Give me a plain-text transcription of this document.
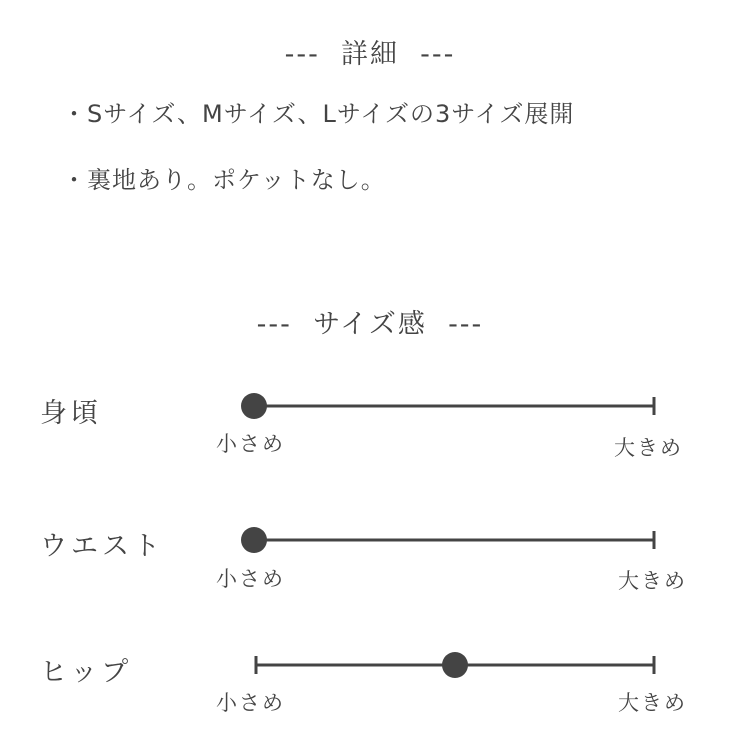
---  詳細  ---
・Sサイズ、Mサイズ、Lサイズの3サイズ展開
・裏地あり。ポケットなし。
---  サイズ感  ---
身頃
小さめ	大きめ
ウエスト
小さめ	大きめ
ヒップ
小さめ	大きめ
